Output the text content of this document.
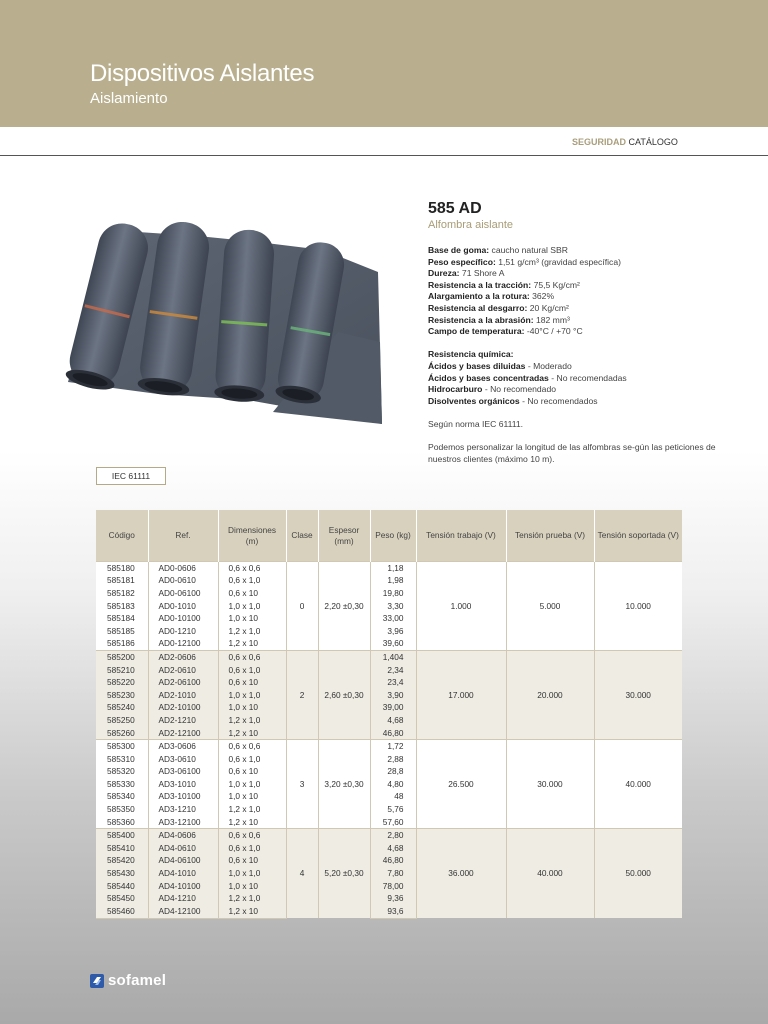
Dispositivos Aislantes
Aislamiento
SEGURIDAD CATÁLOGO
585 AD
Alfombra aislante
Base de goma: caucho natural SBR
Peso específico: 1,51 g/cm³ (gravidad específica)
Dureza: 71 Shore A
Resistencia a la tracción: 75,5 Kg/cm²
Alargamiento a la rotura: 362%
Resistencia al desgarro: 20 Kg/cm²
Resistencia a la abrasión: 182 mm³
Campo de temperatura: -40°C / +70 °C
Resistencia química:
Ácidos y bases diluidas - Moderado
Ácidos y bases concentradas - No recomendadas
Hidrocarburo - No recomendado
Disolventes orgánicos - No recomendados
Según norma IEC 61111.
Podemos personalizar la longitud de las alfombras se-gún las peticiones de nuestros clientes (máximo 10 m).
IEC 61111
Código	Ref.	Dimensiones (m)	Clase	Espesor (mm)	Peso (kg)	Tensión trabajo (V)	Tensión prueba (V)	Tensión soportada (V)
585180	AD0-0606	0,6 x 0,6	0	2,20 ±0,30	1,18	1.000	5.000	10.000
585181	AD0-0610	0,6 x 1,0			1,98			
585182	AD0-06100	0,6 x 10			19,80			
585183	AD0-1010	1,0 x 1,0			3,30			
585184	AD0-10100	1,0 x 10			33,00			
585185	AD0-1210	1,2 x 1,0			3,96			
585186	AD0-12100	1,2 x 10			39,60			
585200	AD2-0606	0,6 x 0,6	2	2,60 ±0,30	1,404	17.000	20.000	30.000
585210	AD2-0610	0,6 x 1,0			2,34			
585220	AD2-06100	0,6 x 10			23,4			
585230	AD2-1010	1,0 x 1,0			3,90			
585240	AD2-10100	1,0 x 10			39,00			
585250	AD2-1210	1,2 x 1,0			4,68			
585260	AD2-12100	1,2 x 10			46,80			
585300	AD3-0606	0,6 x 0,6	3	3,20 ±0,30	1,72	26.500	30.000	40.000
585310	AD3-0610	0,6 x 1,0			2,88			
585320	AD3-06100	0,6 x 10			28,8			
585330	AD3-1010	1,0 x 1,0			4,80			
585340	AD3-10100	1,0 x 10			48			
585350	AD3-1210	1,2 x 1,0			5,76			
585360	AD3-12100	1,2 x 10			57,60			
585400	AD4-0606	0,6 x 0,6	4	5,20 ±0,30	2,80	36.000	40.000	50.000
585410	AD4-0610	0,6 x 1,0			4,68			
585420	AD4-06100	0,6 x 10			46,80			
585430	AD4-1010	1,0 x 1,0			7,80			
585440	AD4-10100	1,0 x 10			78,00			
585450	AD4-1210	1,2 x 1,0			9,36			
585460	AD4-12100	1,2 x 10			93,6			
sofamel
